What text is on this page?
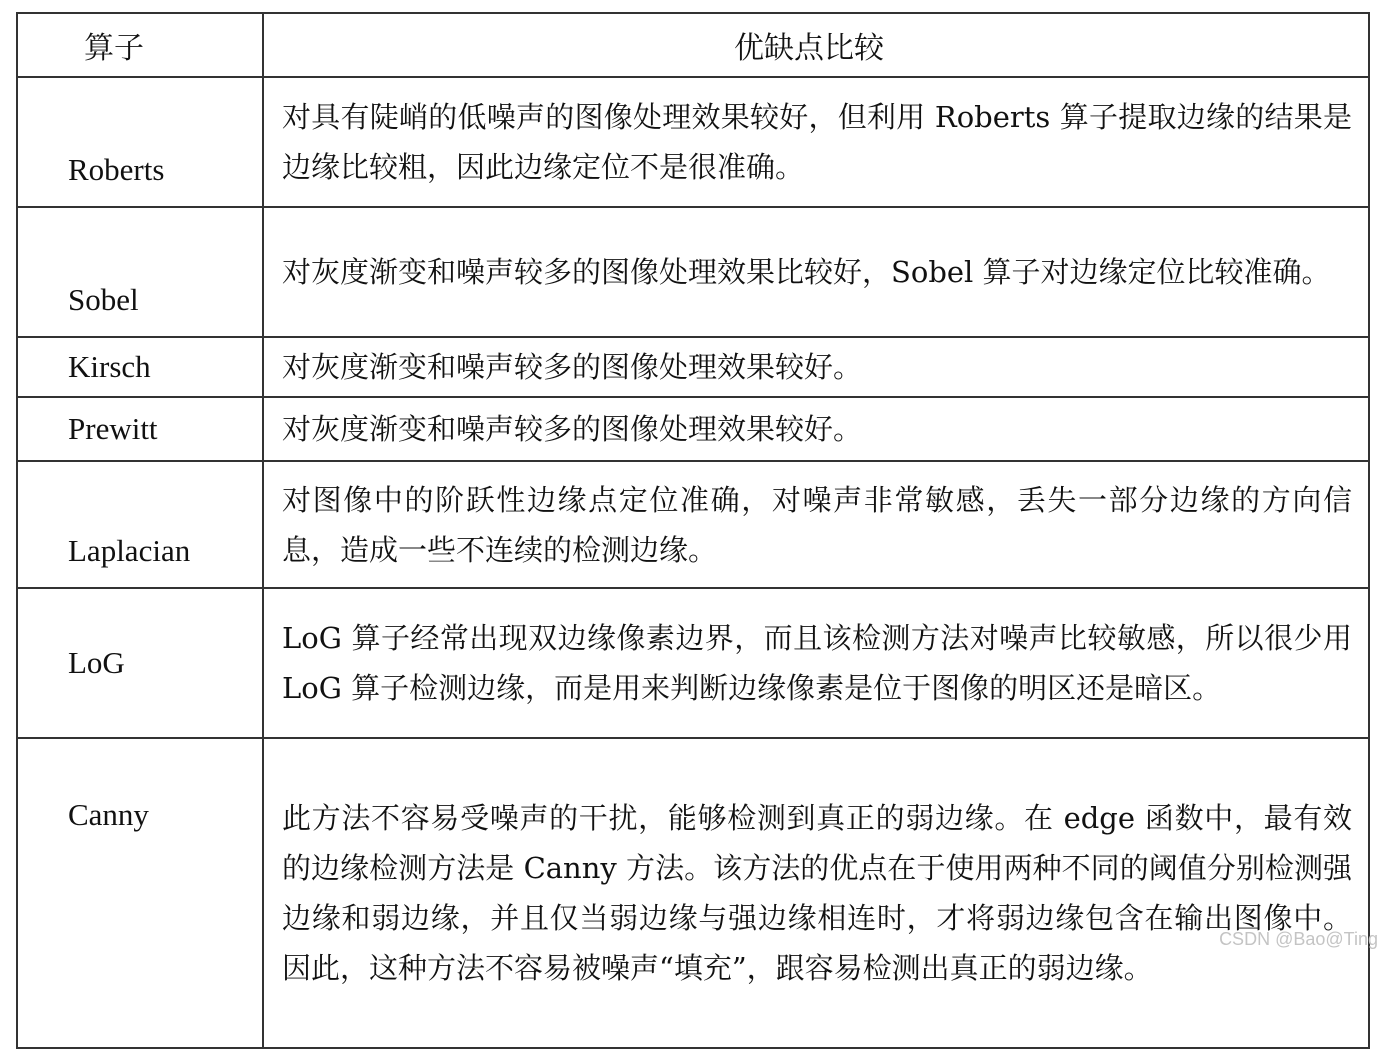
算子	优缺点比较
Roberts	对具有陡峭的低噪声的图像处理效果较好，但利用 Roberts 算子提取边缘的结果是边缘比较粗，因此边缘定位不是很准确。
Sobel	对灰度渐变和噪声较多的图像处理效果比较好，Sobel 算子对边缘定位比较准确。
Kirsch	对灰度渐变和噪声较多的图像处理效果较好。
Prewitt	对灰度渐变和噪声较多的图像处理效果较好。
Laplacian	对图像中的阶跃性边缘点定位准确，对噪声非常敏感，丢失一部分边缘的方向信息，造成一些不连续的检测边缘。
LoG	LoG 算子经常出现双边缘像素边界，而且该检测方法对噪声比较敏感，所以很少用 LoG 算子检测边缘，而是用来判断边缘像素是位于图像的明区还是暗区。
Canny	此方法不容易受噪声的干扰，能够检测到真正的弱边缘。在 edge 函数中，最有效的边缘检测方法是 Canny 方法。该方法的优点在于使用两种不同的阈值分别检测强边缘和弱边缘，并且仅当弱边缘与强边缘相连时，才将弱边缘包含在输出图像中。因此，这种方法不容易被噪声“填充”，跟容易检测出真正的弱边缘。
CSDN @Bao@Ting
